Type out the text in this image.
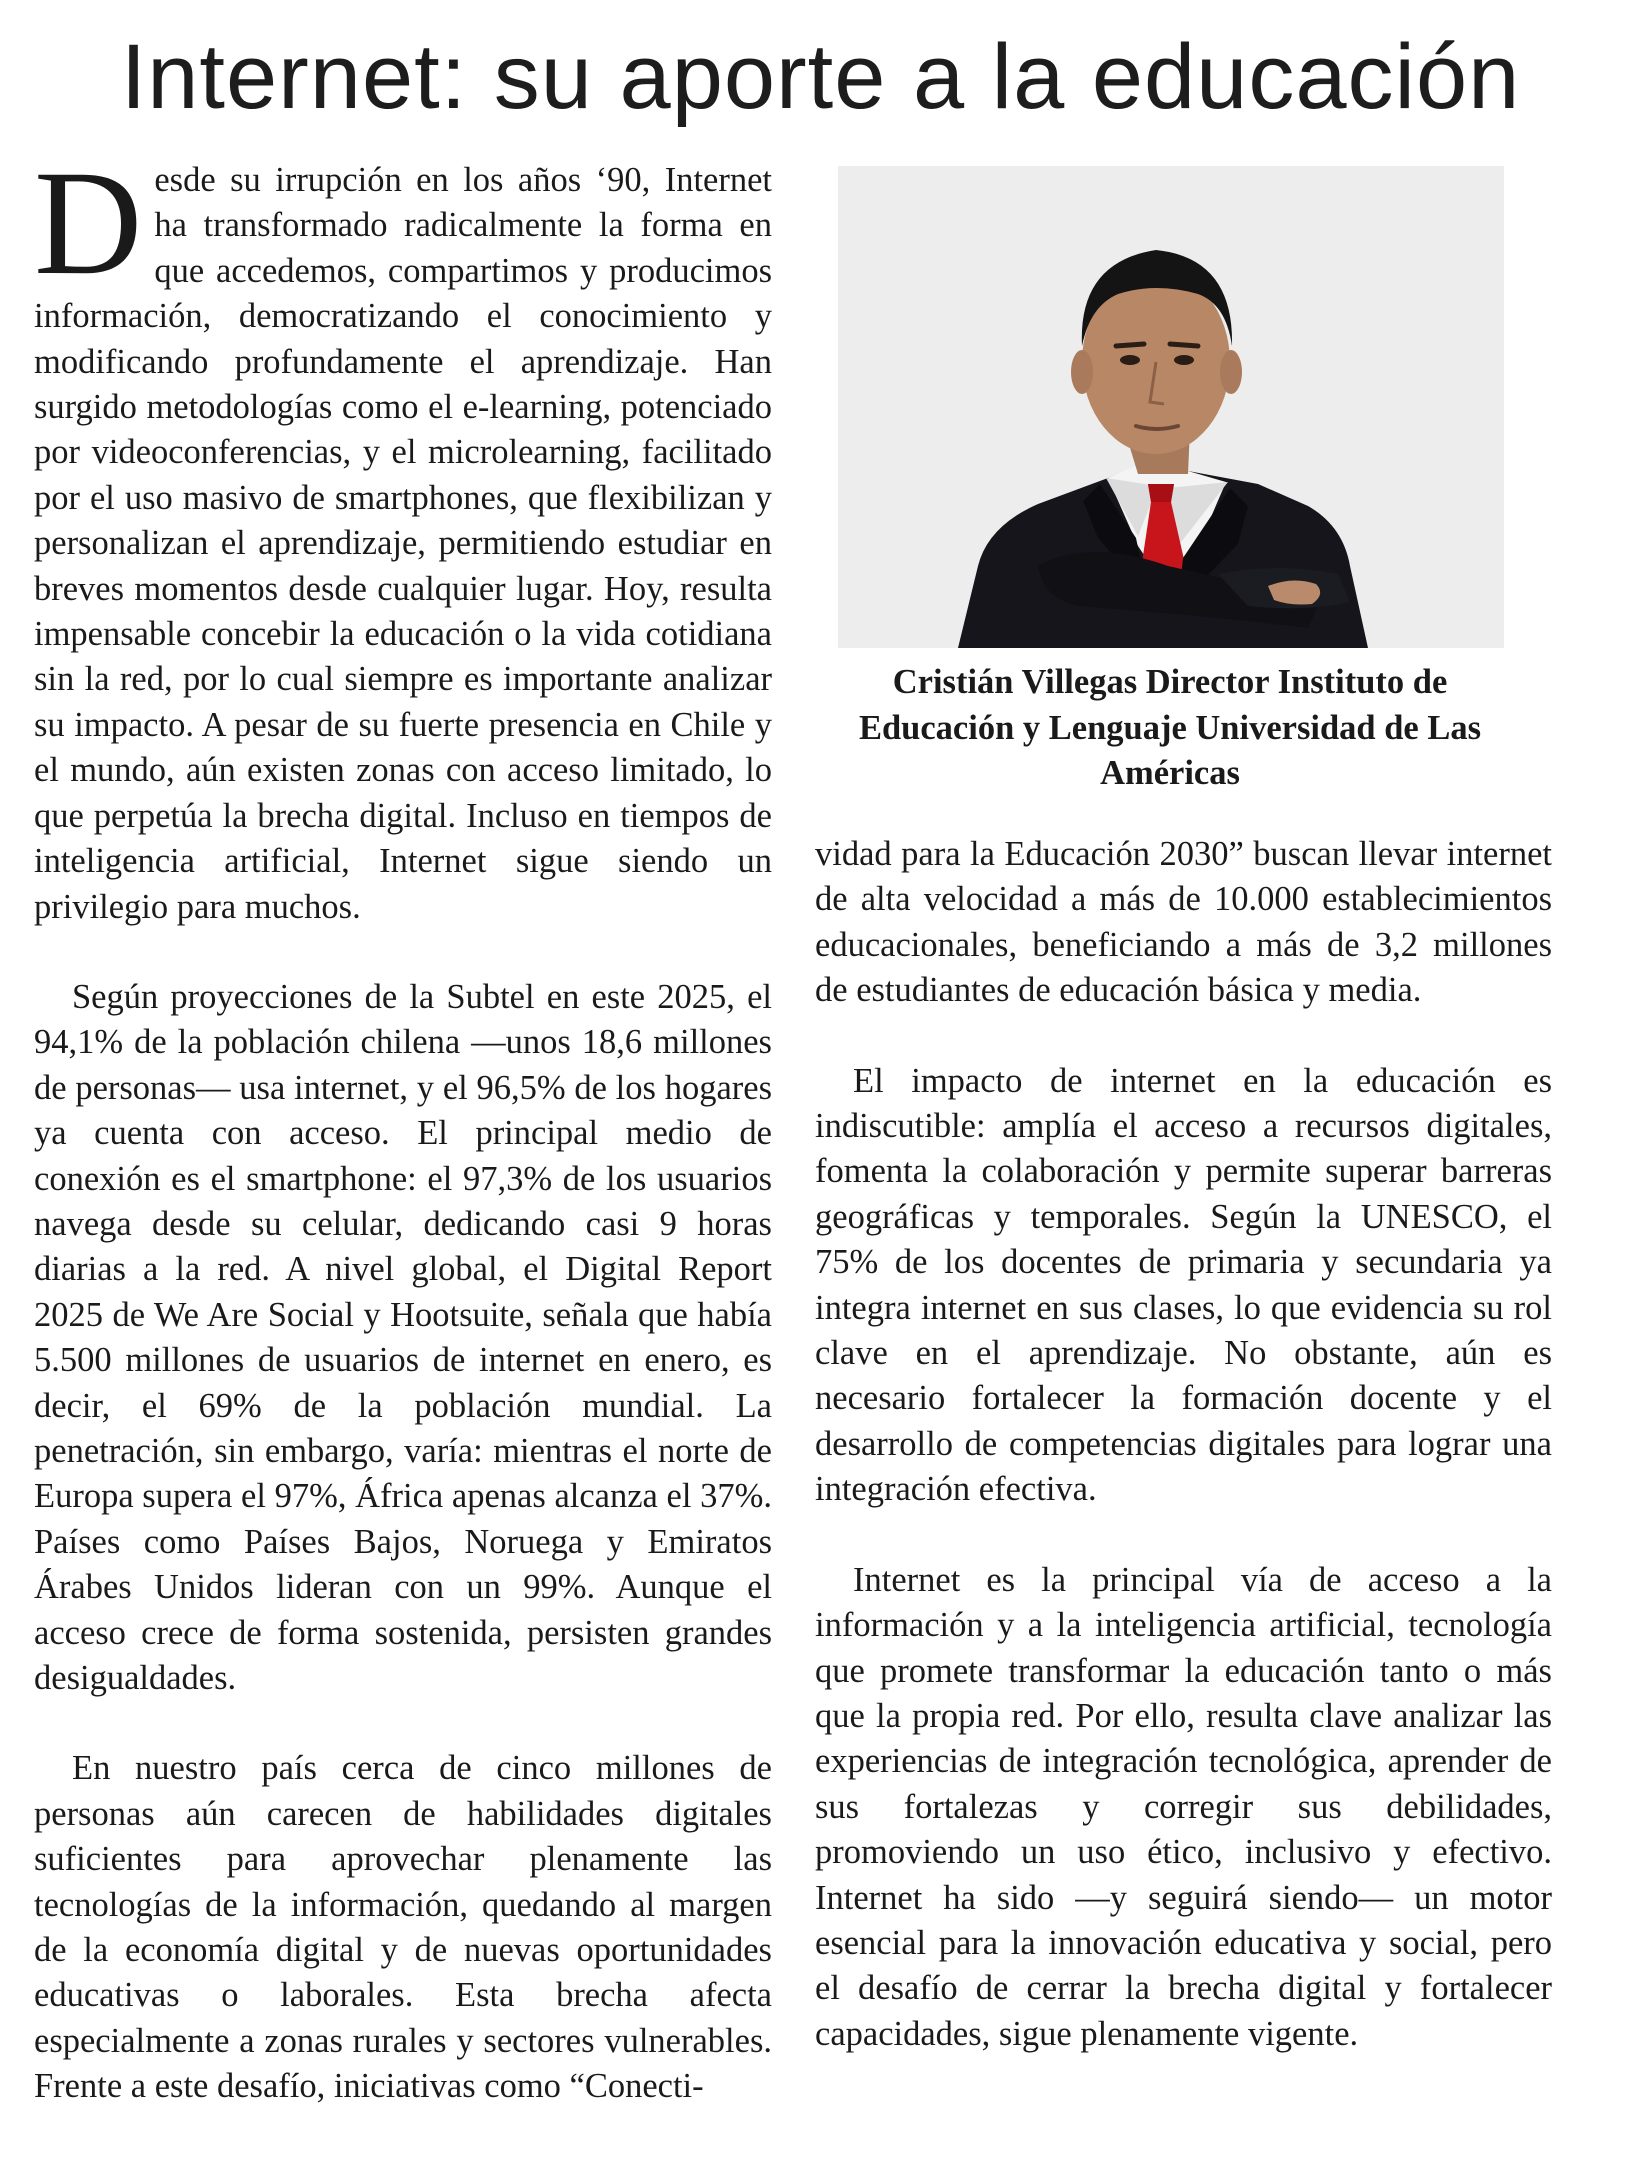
Internet: su aporte a la educación

Desde su irrupción en los años ‘90, Internet ha transformado radicalmente la forma en que accedemos, compartimos y producimos información, democratizando el conocimiento y modificando profundamente el aprendizaje. Han surgido metodologías como el e-learning, potenciado por videoconferencias, y el microlearning, facilitado por el uso masivo de smartphones, que flexibilizan y personalizan el aprendizaje, permitiendo estudiar en breves momentos desde cualquier lugar. Hoy, resulta impensable concebir la educación o la vida cotidiana sin la red, por lo cual siempre es importante analizar su impacto. A pesar de su fuerte presencia en Chile y el mundo, aún existen zonas con acceso limitado, lo que perpetúa la brecha digital. Incluso en tiempos de inteligencia artificial, Internet sigue siendo un privilegio para muchos.

Según proyecciones de la Subtel en este 2025, el 94,1% de la población chilena —unos 18,6 millones de personas— usa internet, y el 96,5% de los hogares ya cuenta con acceso. El principal medio de conexión es el smartphone: el 97,3% de los usuarios navega desde su celular, dedicando casi 9 horas diarias a la red. A nivel global, el Digital Report 2025 de We Are Social y Hootsuite, señala que había 5.500 millones de usuarios de internet en enero, es decir, el 69% de la población mundial. La penetración, sin embargo, varía: mientras el norte de Europa supera el 97%, África apenas alcanza el 37%. Países como Países Bajos, Noruega y Emiratos Árabes Unidos lideran con un 99%. Aunque el acceso crece de forma sostenida, persisten grandes desigualdades.

En nuestro país cerca de cinco millones de personas aún carecen de habilidades digitales suficientes para aprovechar plenamente las tecnologías de la información, quedando al margen de la economía digital y de nuevas oportunidades educativas o laborales. Esta brecha afecta especialmente a zonas rurales y sectores vulnerables. Frente a este desafío, iniciativas como “Conecti-

Cristián Villegas Director Instituto de Educación y Lenguaje Universidad de Las Américas

vidad para la Educación 2030” buscan llevar internet de alta velocidad a más de 10.000 establecimientos educacionales, beneficiando a más de 3,2 millones de estudiantes de educación básica y media.

El impacto de internet en la educación es indiscutible: amplía el acceso a recursos digitales, fomenta la colaboración y permite superar barreras geográficas y temporales. Según la UNESCO, el 75% de los docentes de primaria y secundaria ya integra internet en sus clases, lo que evidencia su rol clave en el aprendizaje. No obstante, aún es necesario fortalecer la formación docente y el desarrollo de competencias digitales para lograr una integración efectiva.

Internet es la principal vía de acceso a la información y a la inteligencia artificial, tecnología que promete transformar la educación tanto o más que la propia red. Por ello, resulta clave analizar las experiencias de integración tecnológica, aprender de sus fortalezas y corregir sus debilidades, promoviendo un uso ético, inclusivo y efectivo. Internet ha sido —y seguirá siendo— un motor esencial para la innovación educativa y social, pero el desafío de cerrar la brecha digital y fortalecer capacidades, sigue plenamente vigente.
